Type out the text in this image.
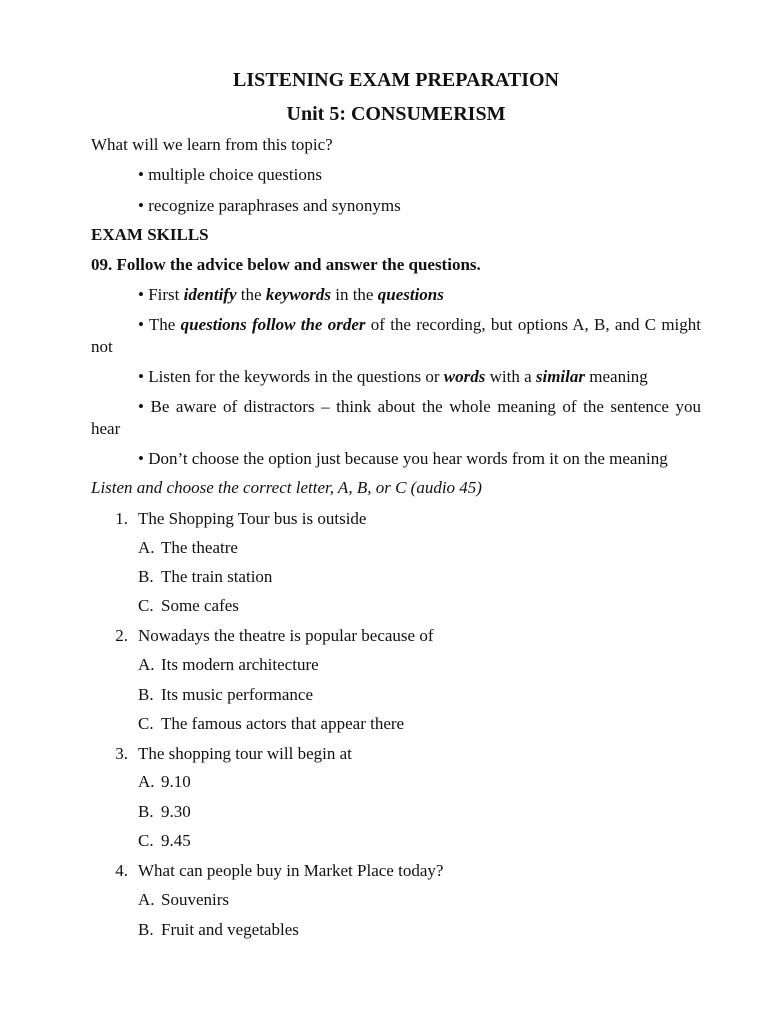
LISTENING EXAM PREPARATION
Unit 5: CONSUMERISM
What will we learn from this topic?
• multiple choice questions
• recognize paraphrases and synonyms
EXAM SKILLS
09. Follow the advice below and answer the questions.
• First identify the keywords in the questions
• The questions follow the order of the recording, but options A, B, and C might not
• Listen for the keywords in the questions or words with a similar meaning
• Be aware of distractors – think about the whole meaning of the sentence you hear
• Don’t choose the option just because you hear words from it on the meaning
Listen and choose the correct letter, A, B, or C (audio 45)
1. The Shopping Tour bus is outside
A. The theatre
B. The train station
C. Some cafes
2. Nowadays the theatre is popular because of
A. Its modern architecture
B. Its music performance
C. The famous actors that appear there
3. The shopping tour will begin at
A. 9.10
B. 9.30
C. 9.45
4. What can people buy in Market Place today?
A. Souvenirs
B. Fruit and vegetables
